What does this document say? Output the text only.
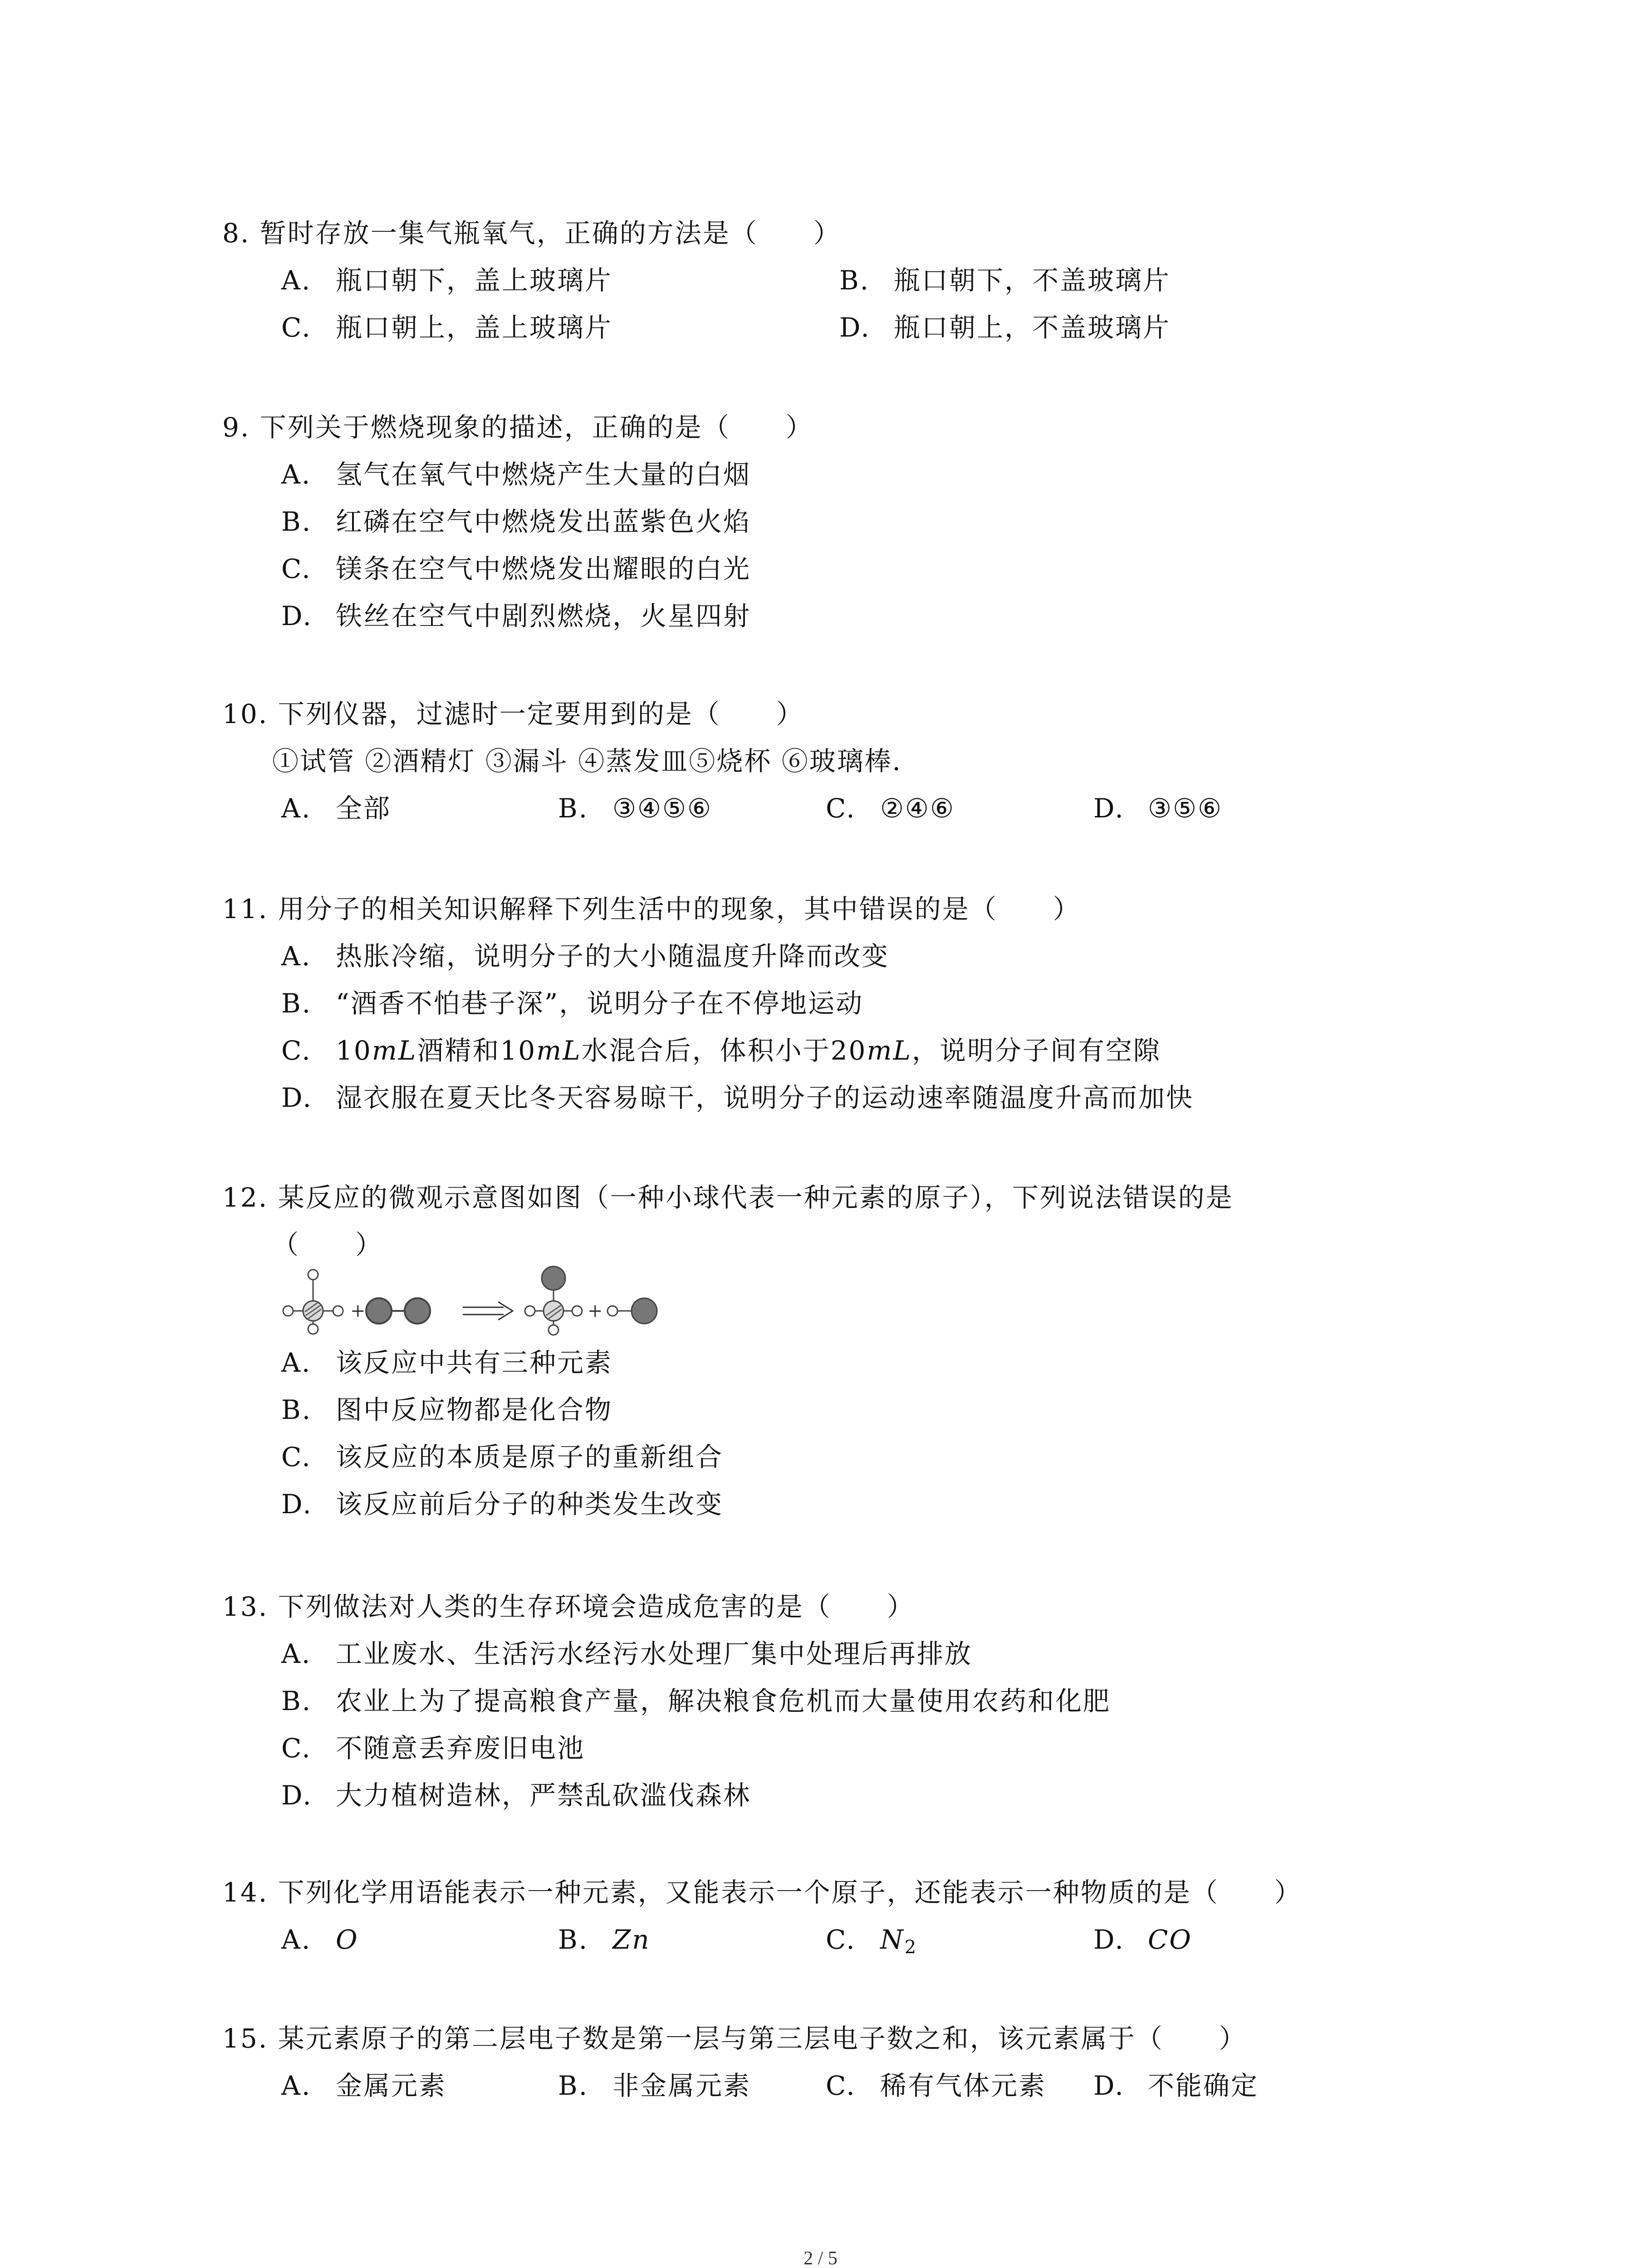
8. 暂时存放一集气瓶氧气，正确的方法是（　　）
A. 瓶口朝下，盖上玻璃片	B. 瓶口朝下，不盖玻璃片
C. 瓶口朝上，盖上玻璃片	D. 瓶口朝上，不盖玻璃片
9. 下列关于燃烧现象的描述，正确的是（　　）
A. 氢气在氧气中燃烧产生大量的白烟
B. 红磷在空气中燃烧发出蓝紫色火焰
C. 镁条在空气中燃烧发出耀眼的白光
D. 铁丝在空气中剧烈燃烧，火星四射
10. 下列仪器，过滤时一定要用到的是（　　）
①试管 ②酒精灯 ③漏斗 ④蒸发皿⑤烧杯 ⑥玻璃棒．
A. 全部	B. ③④⑤⑥	C. ②④⑥	D. ③⑤⑥
11. 用分子的相关知识解释下列生活中的现象，其中错误的是（　　）
A. 热胀冷缩，说明分子的大小随温度升降而改变
B. “酒香不怕巷子深”，说明分子在不停地运动
C. 10mL酒精和10mL水混合后，体积小于20mL，说明分子间有空隙
D. 湿衣服在夏天比冬天容易晾干，说明分子的运动速率随温度升高而加快
12. 某反应的微观示意图如图（一种小球代表一种元素的原子），下列说法错误的是
（　　）
+	+
A. 该反应中共有三种元素
B. 图中反应物都是化合物
C. 该反应的本质是原子的重新组合
D. 该反应前后分子的种类发生改变
13. 下列做法对人类的生存环境会造成危害的是（　　）
A. 工业废水、生活污水经污水处理厂集中处理后再排放
B. 农业上为了提高粮食产量，解决粮食危机而大量使用农药和化肥
C. 不随意丢弃废旧电池
D. 大力植树造林，严禁乱砍滥伐森林
14. 下列化学用语能表示一种元素，又能表示一个原子，还能表示一种物质的是（　　）
A. O	B. Zn	C. $N_2$	D. CO
15. 某元素原子的第二层电子数是第一层与第三层电子数之和，该元素属于（　　）
A. 金属元素	B. 非金属元素	C. 稀有气体元素 D. 不能确定
2 / 5
